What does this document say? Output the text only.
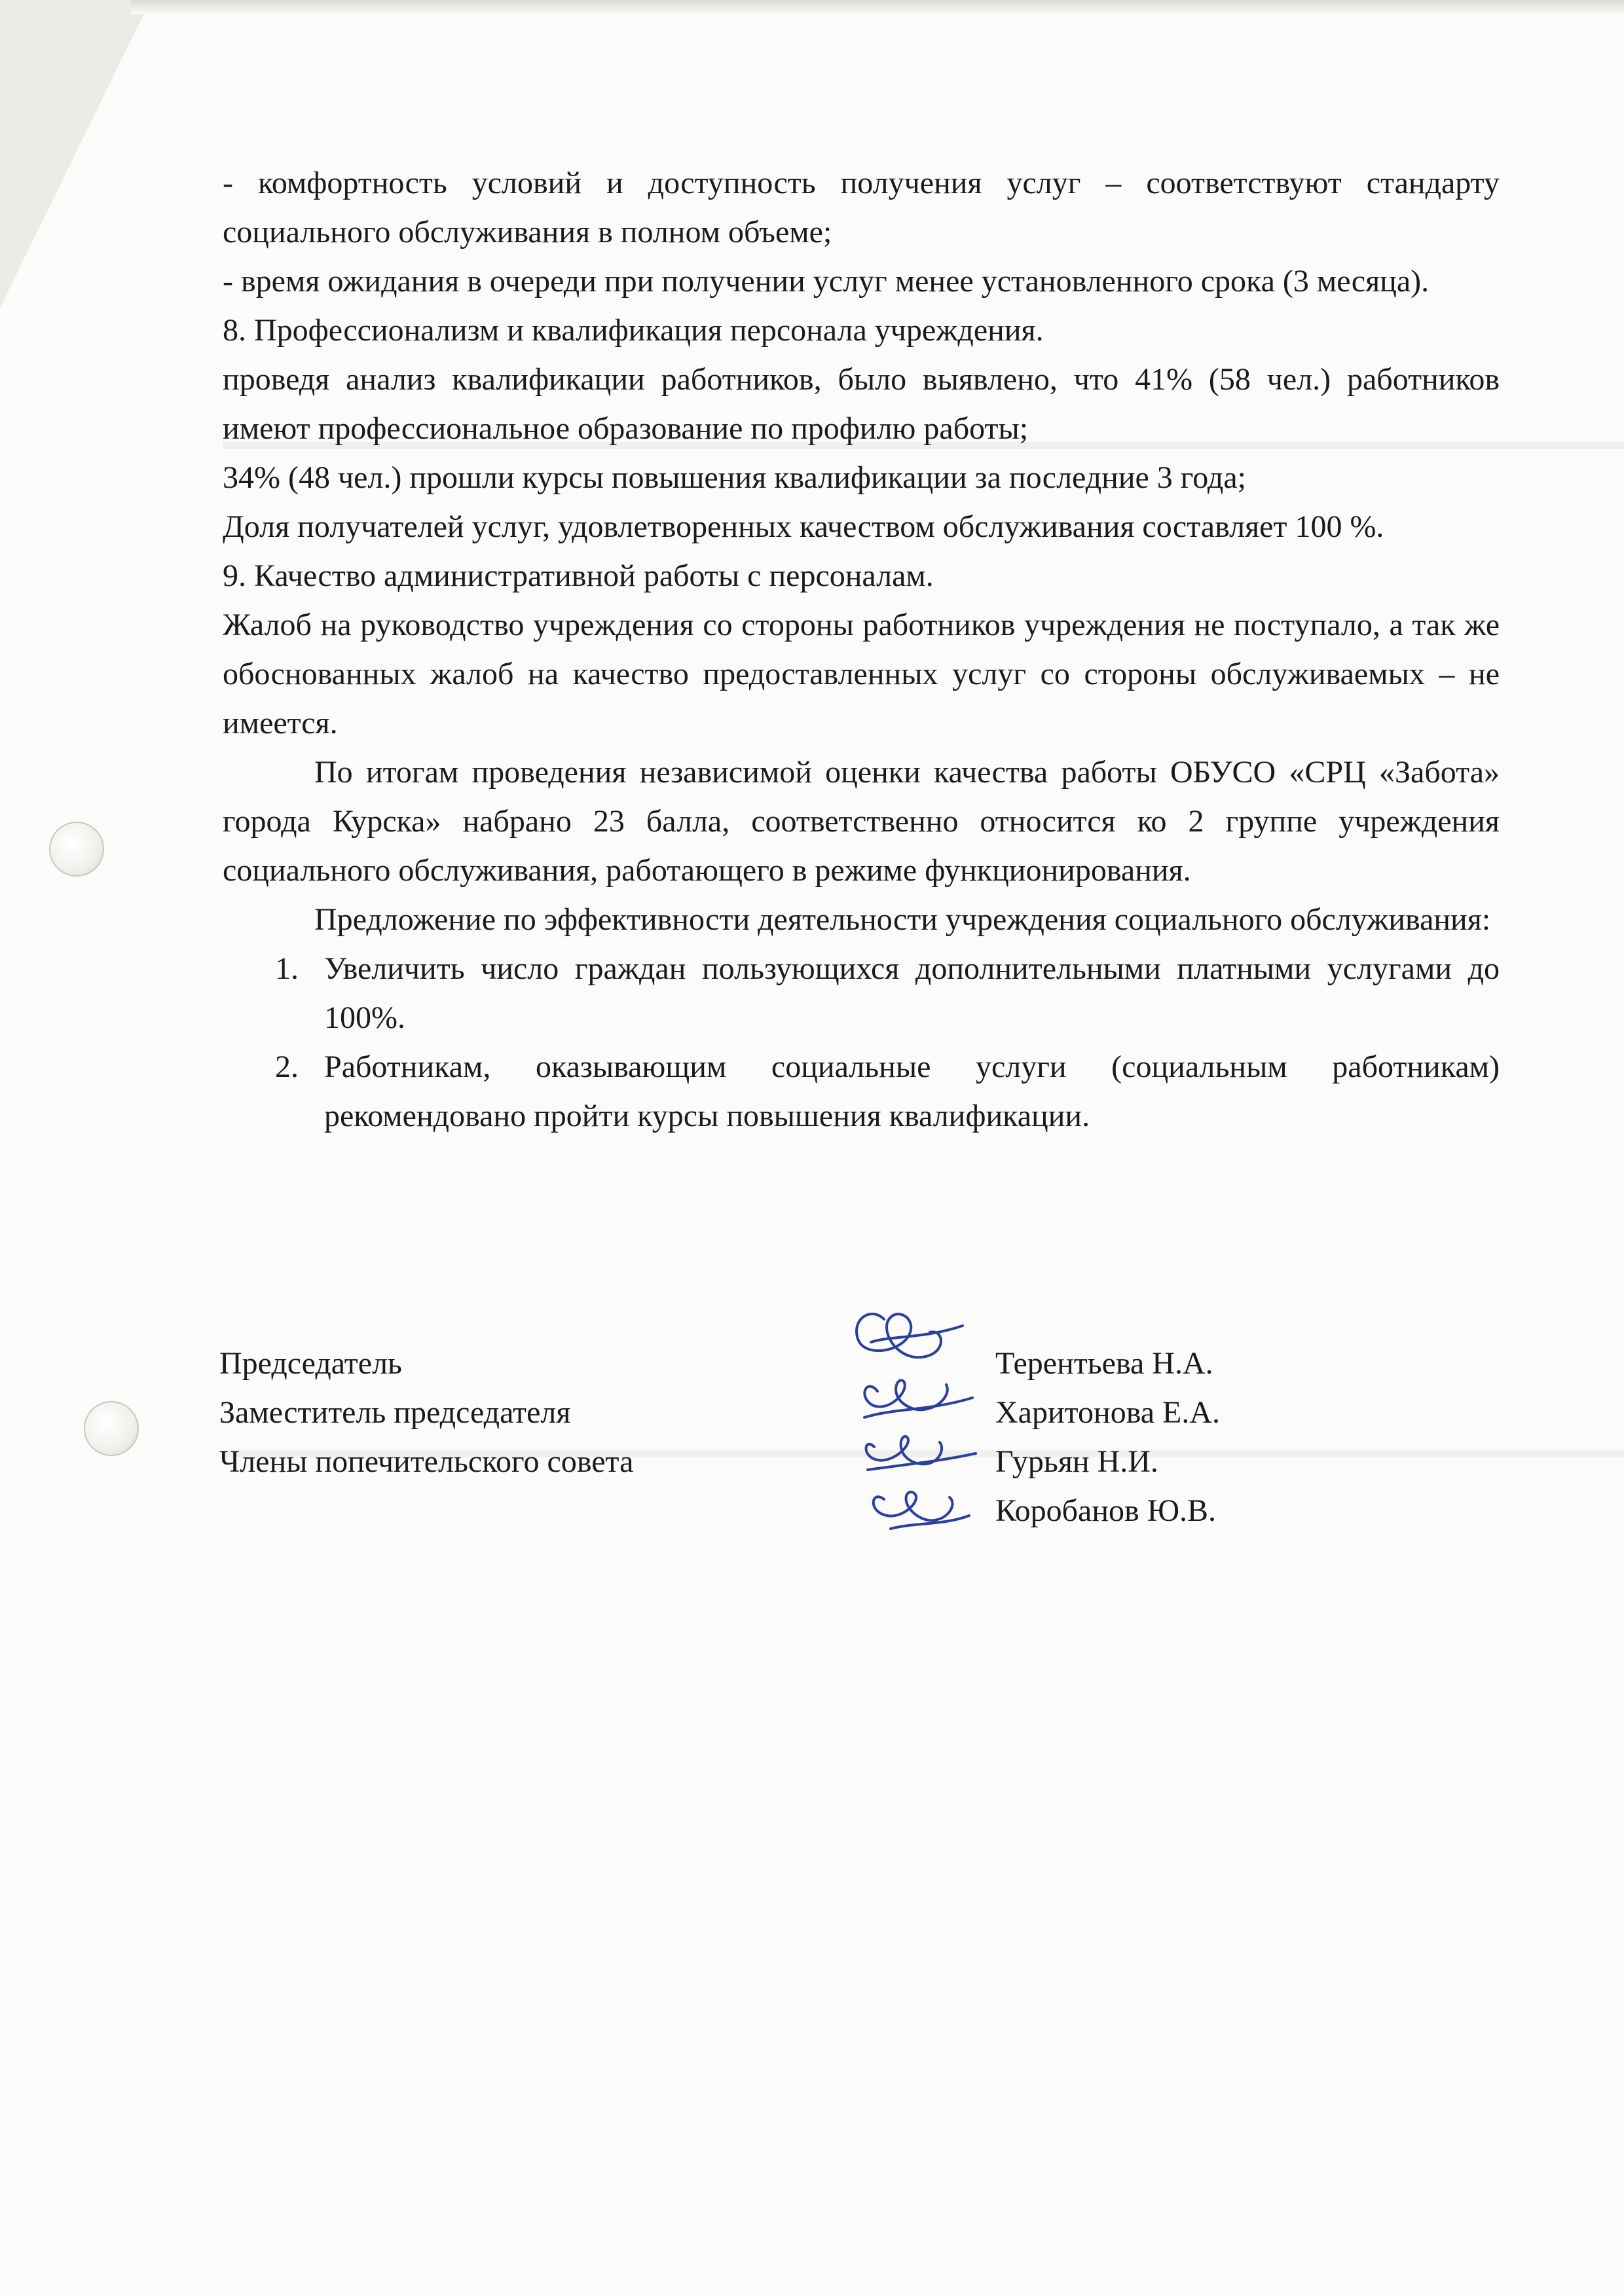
- комфортность условий и доступность получения услуг – соответствуют стандарту социального обслуживания в полном объеме;

- время ожидания в очереди при получении услуг менее установленного срока (3 месяца).

8. Профессионализм и квалификация персонала учреждения.

проведя анализ квалификации работников, было выявлено, что 41% (58 чел.) работников имеют профессиональное образование по профилю работы;

34% (48 чел.) прошли курсы повышения квалификации за последние 3 года;

Доля получателей услуг, удовлетворенных качеством обслуживания составляет 100 %.

9. Качество административной работы с персоналам.

Жалоб на руководство учреждения со стороны работников учреждения не поступало, а так же обоснованных жалоб на качество предоставленных услуг со стороны обслуживаемых – не имеется.

По итогам проведения независимой оценки качества работы ОБУСО «СРЦ «Забота» города Курска» набрано 23 балла, соответственно относится ко 2 группе учреждения социального обслуживания, работающего в режиме функционирования.

Предложение по эффективности деятельности учреждения социального обслуживания:

1. Увеличить число граждан пользующихся дополнительными платными услугами до 100%.
2. Работникам, оказывающим социальные услуги (социальным работникам) рекомендовано пройти курсы повышения квалификации.
Председатель
Заместитель председателя
Члены попечительского совета
Терентьева Н.А.
Харитонова Е.А.
Гурьян Н.И.
Коробанов Ю.В.
